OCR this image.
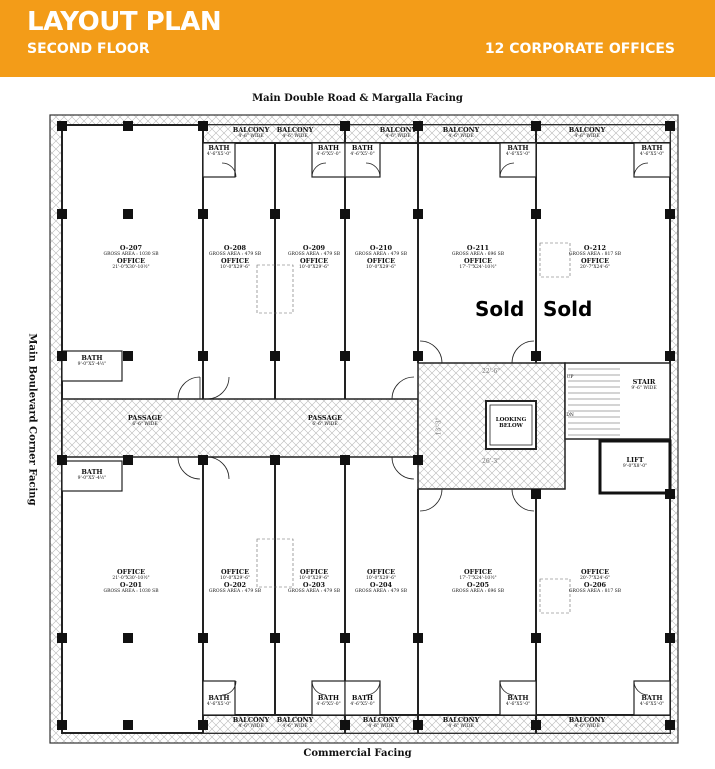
LAYOUT PLAN
SECOND FLOOR	12 CORPORATE OFFICES
Main Double Road & Margalla Facing
Commercial Facing
Main Boulevard Corner Facing
Sold Sold
O-207
GROSS AREA : 1030 SB
OFFICE
21'-0"X30'-10½"
O-208
GROSS AREA : 479 SB
OFFICE
10'-0"X29'-6"
O-209
GROSS AREA : 479 SB
OFFICE
10'-0"X29'-6"
O-210
GROSS AREA : 479 SB
OFFICE
10'-0"X29'-6"
O-211
GROSS AREA : 696 SB
OFFICE
17'-7"X24'-10½"
O-212
GROSS AREA : 817 SB
OFFICE
20'-7"X24'-6"
OFFICE
21'-0"X30'-10½"
O-201
GROSS AREA : 1030 SB
OFFICE
10'-0"X29'-6"
O-202
GROSS AREA : 479 SB
OFFICE
10'-0"X29'-6"
O-203
GROSS AREA : 479 SB
OFFICE
10'-0"X29'-6"
O-204
GROSS AREA : 479 SB
OFFICE
17'-7"X24'-10½"
O-205
GROSS AREA : 696 SB
OFFICE
20'-7"X24'-6"
O-206
GROSS AREA : 817 SB
BALCONY
4'-6" WIDE
BALCONY
4'-6" WIDE
BALCONY
4'-6" WIDE
BALCONY
4'-6" WIDE
BALCONY
4'-6" WIDE
BALCONY
4'-6" WIDE
BALCONY
4'-6" WIDE
BALCONY
4'-6" WIDE
BALCONY
4'-6" WIDE
BALCONY
4'-6" WIDE
BATH
4'-6"X5'-0"
BATH
4'-6"X5'-0"
BATH
4'-6"X5'-0"
BATH
4'-6"X5'-0"
BATH
4'-6"X5'-0"
BATH
9'-0"X5'-4½"
BATH
4'-6"X5'-0"
BATH
4'-6"X5'-0"
BATH
4'-6"X5'-0"
BATH
4'-6"X5'-0"
BATH
4'-6"X5'-0"
BATH
9'-0"X5'-4½"
PASSAGE
6'-6" WIDE
PASSAGE
6'-6" WIDE
22'-6"
26'-3"
13'-3"	LOOKING BELOW
STAIR
9'-6" WIDE
LIFT
9'-0"X8'-0"
UP
DN
